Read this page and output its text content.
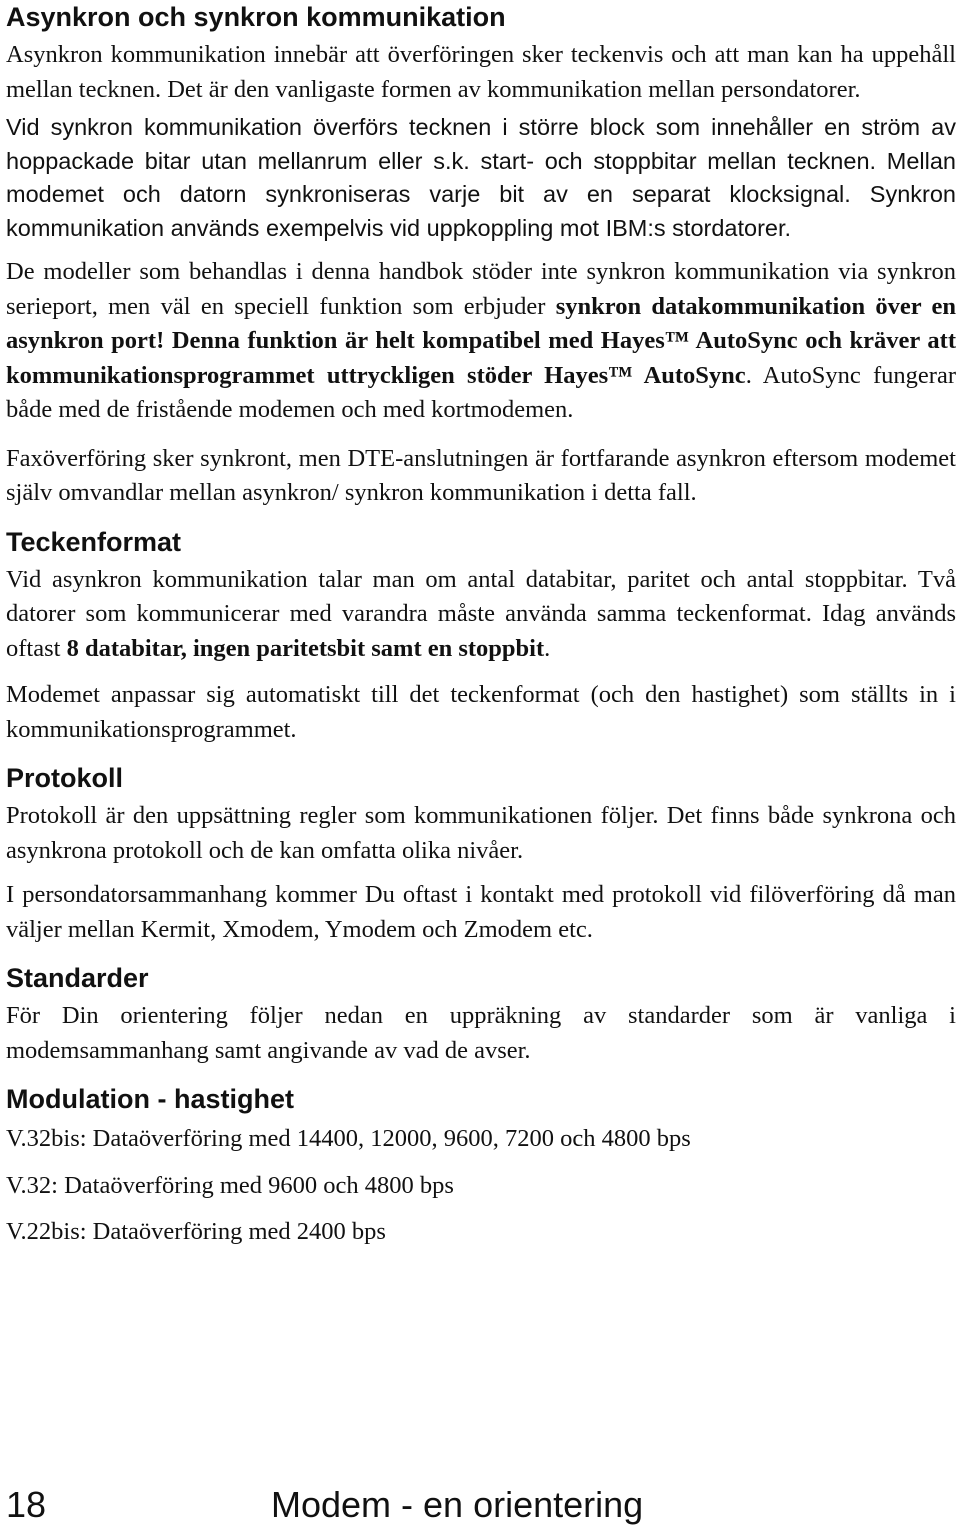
Asynkron och synkron kommunikation

Asynkron kommunikation innebär att överföringen sker teckenvis och att man kan ha uppehåll mellan tecknen. Det är den vanligaste formen av kommunikation mellan persondatorer.

Vid synkron kommunikation överförs tecknen i större block som innehåller en ström av hoppackade bitar utan mellanrum eller s.k. start- och stoppbitar mellan tecknen. Mellan modemet och datorn synkroniseras varje bit av en separat klocksignal. Synkron kommunikation används exempelvis vid uppkoppling mot IBM:s stordatorer.

De modeller som behandlas i denna handbok stöder inte synkron kommunikation via synkron serieport, men väl en speciell funktion som erbjuder synkron datakommunikation över en asynkron port! Denna funktion är helt kompatibel med Hayes™ AutoSync och kräver att kommunikationsprogrammet uttryckligen stöder Hayes™ AutoSync. AutoSync fungerar både med de fristående modemen och med kortmodemen.

Faxöverföring sker synkront, men DTE-anslutningen är fortfarande asynkron eftersom modemet själv omvandlar mellan asynkron/ synkron kommunikation i detta fall.

Teckenformat

Vid asynkron kommunikation talar man om antal databitar, paritet och antal stoppbitar. Två datorer som kommunicerar med varandra måste använda samma teckenformat. Idag används oftast 8 databitar, ingen paritetsbit samt en stoppbit.

Modemet anpassar sig automatiskt till det teckenformat (och den hastighet) som ställts in i kommunikationsprogrammet.

Protokoll

Protokoll är den uppsättning regler som kommunikationen följer. Det finns både synkrona och asynkrona protokoll och de kan omfatta olika nivåer.

I persondatorsammanhang kommer Du oftast i kontakt med protokoll vid filöverföring då man väljer mellan Kermit, Xmodem, Ymodem och Zmodem etc.

Standarder

För Din orientering följer nedan en uppräkning av standarder som är vanliga i modemsammanhang samt angivande av vad de avser.

Modulation - hastighet

V.32bis: Dataöverföring med 14400, 12000, 9600, 7200 och 4800 bps

V.32: Dataöverföring med 9600 och 4800 bps

V.22bis: Dataöverföring med 2400 bps

18	Modem - en orientering
